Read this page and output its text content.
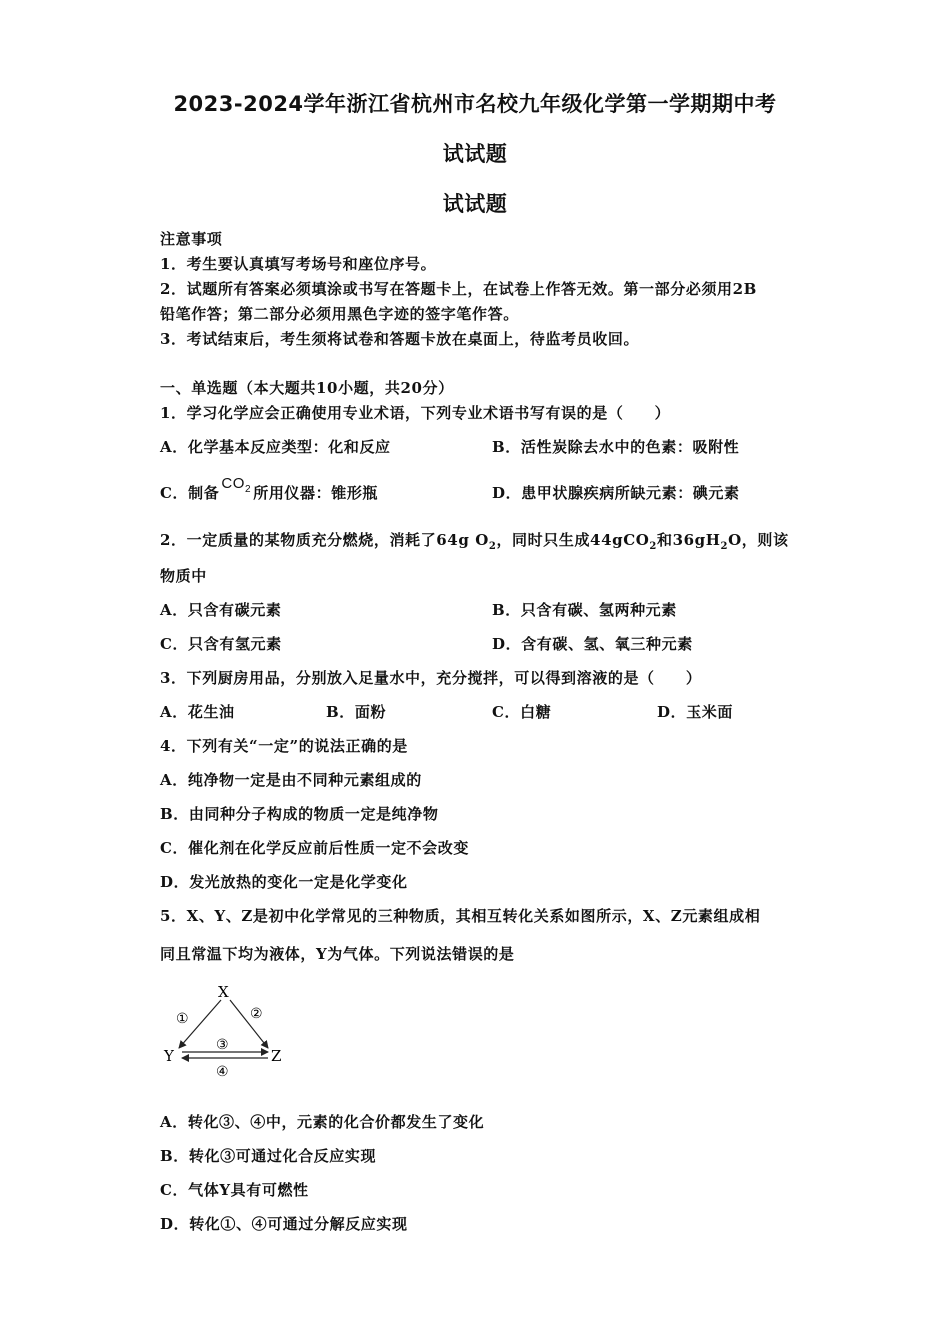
2023-2024学年浙江省杭州市名校九年级化学第一学期期中考
试试题
试试题
注意事项
1．考生要认真填写考场号和座位序号。
2．试题所有答案必须填涂或书写在答题卡上，在试卷上作答无效。第一部分必须用2B
铅笔作答；第二部分必须用黑色字迹的签字笔作答。
3．考试结束后，考生须将试卷和答题卡放在桌面上，待监考员收回。
一、单选题（本大题共10小题，共20分）
1．学习化学应会正确使用专业术语，下列专业术语书写有误的是（　　）
A．化学基本反应类型：化和反应	B．活性炭除去水中的色素：吸附性
C．制备$CO_2$ 所用仪器：锥形瓶	D．患甲状腺疾病所缺元素：碘元素
2．一定质量的某物质充分燃烧，消耗了64g $O_2$，同时只生成44gCO$_2$和$36gH_2O$，则该
物质中
A．只含有碳元素	B．只含有碳、氢两种元素
C．只含有氢元素	D．含有碳、氢、氧三种元素
3．下列厨房用品，分别放入足量水中，充分搅拌，可以得到溶液的是（　　）
A．花生油	B．面粉	C．白糖	D．玉米面
4．下列有关“一定”的说法正确的是
A．纯净物一定是由不同种元素组成的
B．由同种分子构成的物质一定是纯净物
C．催化剂在化学反应前后性质一定不会改变
D．发光放热的变化一定是化学变化
5．X、Y、Z是初中化学常见的三种物质，其相互转化关系如图所示，X、Z元素组成相
同且常温下均为液体，Y为气体。下列说法错误的是
X
Y	Z
①	②
③
④
A．转化③、④中，元素的化合价都发生了变化
B．转化③可通过化合反应实现
C．气体Y具有可燃性
D．转化①、④可通过分解反应实现
